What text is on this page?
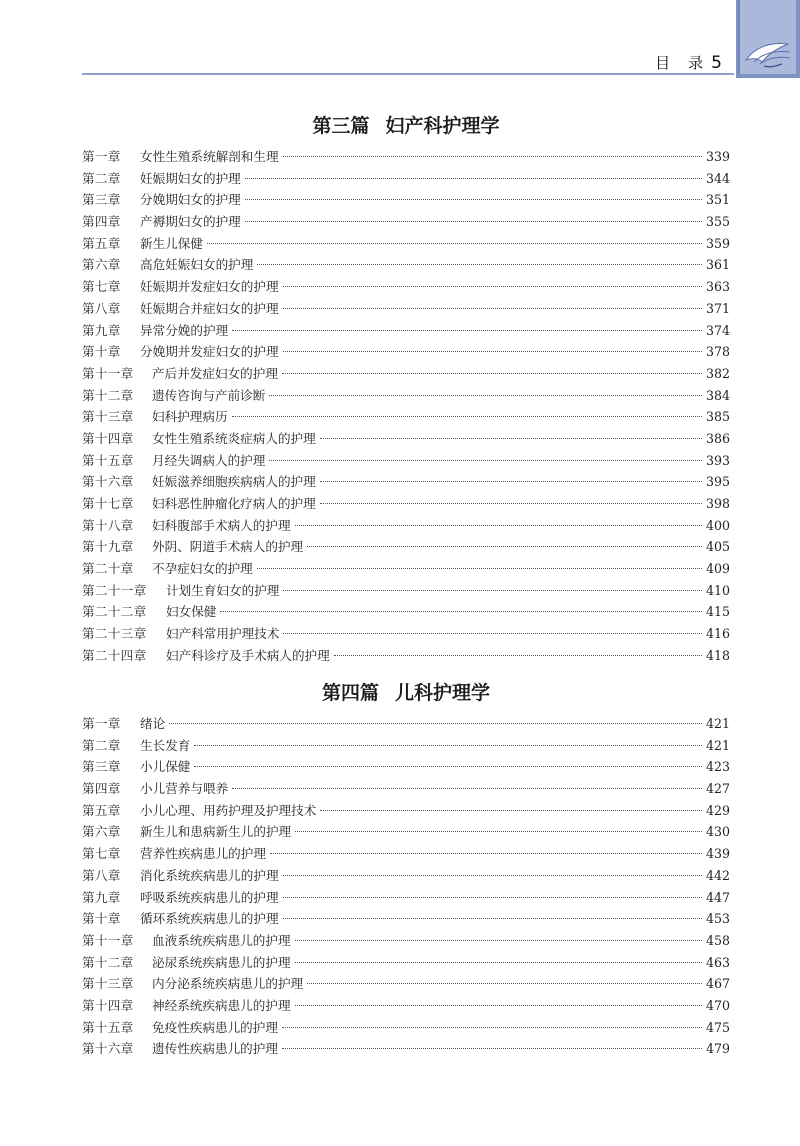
目 录 5
第三篇 妇产科护理学
第一章	女性生殖系统解剖和生理	339
第二章	妊娠期妇女的护理	344
第三章	分娩期妇女的护理	351
第四章	产褥期妇女的护理	355
第五章	新生儿保健	359
第六章	高危妊娠妇女的护理	361
第七章	妊娠期并发症妇女的护理	363
第八章	妊娠期合并症妇女的护理	371
第九章	异常分娩的护理	374
第十章	分娩期并发症妇女的护理	378
第十一章	产后并发症妇女的护理	382
第十二章	遗传咨询与产前诊断	384
第十三章	妇科护理病历	385
第十四章	女性生殖系统炎症病人的护理	386
第十五章	月经失调病人的护理	393
第十六章	妊娠滋养细胞疾病病人的护理	395
第十七章	妇科恶性肿瘤化疗病人的护理	398
第十八章	妇科腹部手术病人的护理	400
第十九章	外阴、阴道手术病人的护理	405
第二十章	不孕症妇女的护理	409
第二十一章	计划生育妇女的护理	410
第二十二章	妇女保健	415
第二十三章	妇产科常用护理技术	416
第二十四章	妇产科诊疗及手术病人的护理	418
第四篇 儿科护理学
第一章	绪论	421
第二章	生长发育	421
第三章	小儿保健	423
第四章	小儿营养与喂养	427
第五章	小儿心理、用药护理及护理技术	429
第六章	新生儿和患病新生儿的护理	430
第七章	营养性疾病患儿的护理	439
第八章	消化系统疾病患儿的护理	442
第九章	呼吸系统疾病患儿的护理	447
第十章	循环系统疾病患儿的护理	453
第十一章	血液系统疾病患儿的护理	458
第十二章	泌尿系统疾病患儿的护理	463
第十三章	内分泌系统疾病患儿的护理	467
第十四章	神经系统疾病患儿的护理	470
第十五章	免疫性疾病患儿的护理	475
第十六章	遗传性疾病患儿的护理	479
